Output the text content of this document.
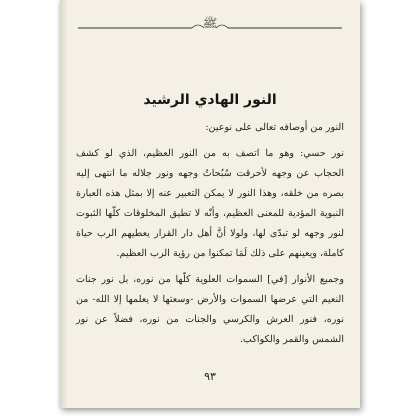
ﷺ
النور الهادي الرشيد

النور من أوصافه تعالى على نوعين:

نور حسي: وهو ما اتصف به من النور العظيم، الذي لو كشف الحجاب عن وجهه لأحرقت سُبُحاتُ وجهه ونور جلاله ما انتهى إليه بصره من خلقه، وهذا النور لا يمكن التعبير عنه إلا بمثل هذه العبارة النبوية المؤدية للمعنى العظيم، وأنّه لا تطيق المخلوقات كلّها الثبوت لنور وجهه لو تبدّى لها، ولولا أنَّ أهل دار القرار يعطيهم الرب حياة كاملة، ويعينهم على ذلك لَمَا تمكنوا من رؤية الرب العظيم.

وجميع الأنوار [في] السموات العلوية كلّها من نوره، بل نور جنات النعيم التي عرضها السموات والأرض -وسعتها لا يعلمها إلا الله- من نوره، فنور العرش والكرسي والجنات من نوره، فضلاً عن نور الشمس والقمر والكواكب.

٩٣
